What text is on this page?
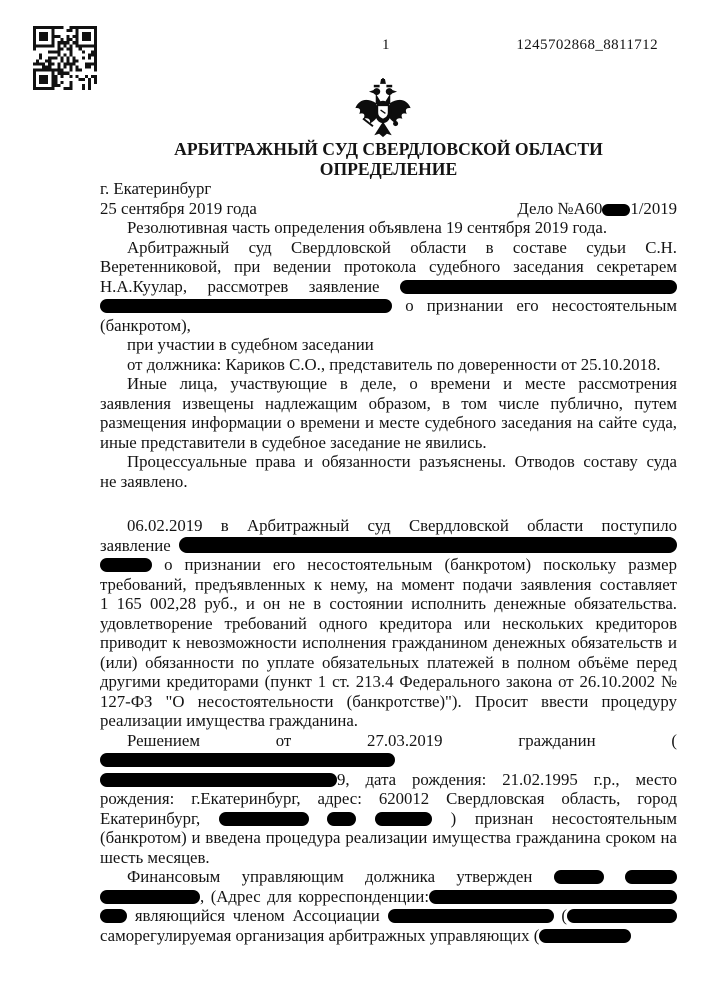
1	1245702868_8811712
АРБИТРАЖНЫЙ СУД СВЕРДЛОВСКОЙ ОБЛАСТИ
ОПРЕДЕЛЕНИЕ
г. Екатеринбург
25 сентября 2019 года	Дело №А60 1/2019
Резолютивная часть определения объявлена 19 сентября 2019 года.
Арбитражный суд Свердловской области в составе судьи С.Н.
Веретенниковой, при ведении протокола судебного заседания секретарем
Н.А.Куулар, рассмотрев заявление
о признании его несостоятельным
(банкротом),
при участии в судебном заседании
от должника: Кариков С.О., представитель по доверенности от 25.10.2018.
Иные лица, участвующие в деле, о времени и месте рассмотрения
заявления извещены надлежащим образом, в том числе публично, путем
размещения информации о времени и месте судебного заседания на сайте суда,
иные представители в судебное заседание не явились.
Процессуальные права и обязанности разъяснены. Отводов составу суда
не заявлено.
06.02.2019 в Арбитражный суд Свердловской области поступило
заявление
о признании его несостоятельным (банкротом) поскольку размер
требований, предъявленных к нему, на момент подачи заявления составляет
1 165 002,28 руб., и он не в состоянии исполнить денежные обязательства.
удовлетворение требований одного кредитора или нескольких кредиторов
приводит к невозможности исполнения гражданином денежных обязательств и
(или) обязанности по уплате обязательных платежей в полном объёме перед
другими кредиторами (пункт 1 ст. 213.4 Федерального закона от 26.10.2002 №
127-ФЗ "О несостоятельности (банкротстве)"). Просит ввести процедуру
реализации имущества гражданина.
Решением от 27.03.2019 гражданин (
9, дата рождения: 21.02.1995 г.р., место
рождения: г.Екатеринбург, адрес: 620012 Свердловская область, город
Екатеринбург,	) признан несостоятельным
(банкротом) и введена процедура реализации имущества гражданина сроком на
шесть месяцев.
Финансовым управляющим должника утвержден
, (Адрес для корреспонденции:
являющийся членом Ассоциации	(
саморегулируемая организация арбитражных управляющих (
